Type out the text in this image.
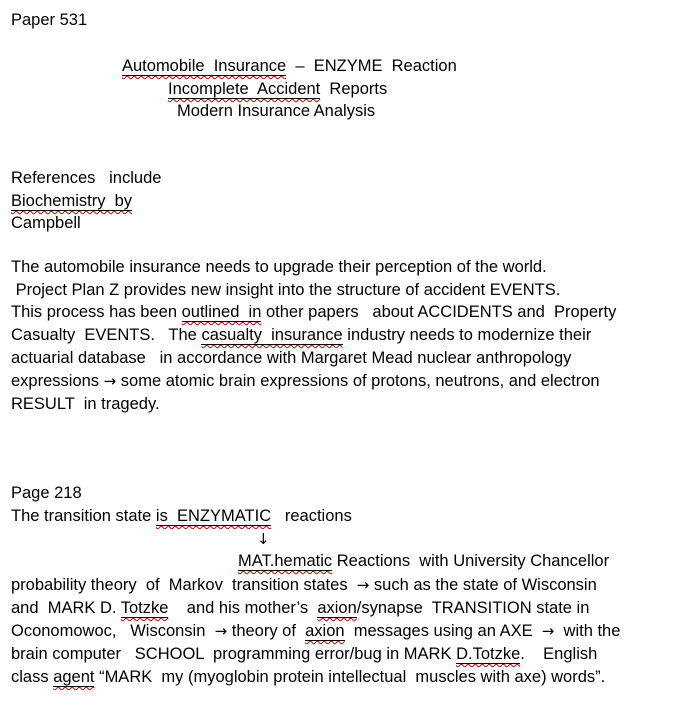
Paper 531
Automobile  Insurance  –  ENZYME  Reaction
Incomplete  Accident  Reports
Modern Insurance Analysis
References   include
Biochemistry  by
Campbell
The automobile insurance needs to upgrade their perception of the world.
Project Plan Z provides new insight into the structure of accident EVENTS.
This process has been outlined  in other papers   about ACCIDENTS and  Property
Casualty  EVENTS.   The casualty  insurance industry needs to modernize their
actuarial database   in accordance with Margaret Mead nuclear anthropology
expressions → some atomic brain expressions of protons, neutrons, and electron
RESULT  in tragedy.
Page 218
The transition state is  ENZYMATIC   reactions
↓
MAT.hematic Reactions  with University Chancellor
probability theory  of  Markov  transition states  → such as the state of Wisconsin
and  MARK D. Totzke    and his mother’s  axion/synapse  TRANSITION state in
Oconomowoc,   Wisconsin  → theory of  axion  messages using an AXE  →  with the
brain computer   SCHOOL  programming error/bug in MARK D.Totzke.    English
class agent “MARK  my (myoglobin protein intellectual  muscles with axe) words”.
